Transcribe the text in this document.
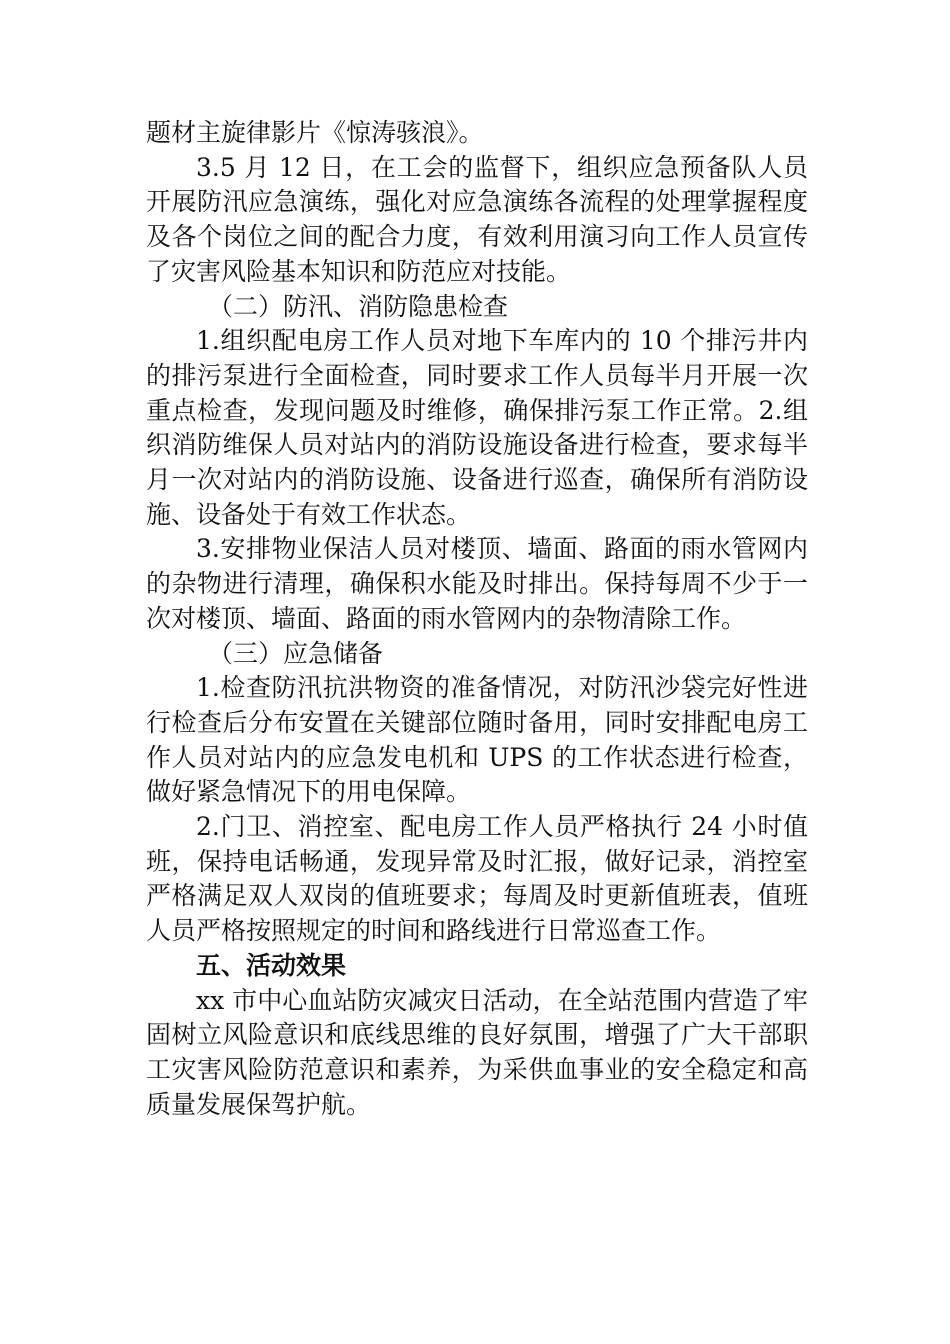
题材主旋律影片《惊涛骇浪》。

3.5 月 12 日，在工会的监督下，组织应急预备队人员开展防汛应急演练，强化对应急演练各流程的处理掌握程度及各个岗位之间的配合力度，有效利用演习向工作人员宣传了灾害风险基本知识和防范应对技能。

（二）防汛、消防隐患检查

1.组织配电房工作人员对地下车库内的 10 个排污井内的排污泵进行全面检查，同时要求工作人员每半月开展一次重点检查，发现问题及时维修，确保排污泵工作正常。2.组织消防维保人员对站内的消防设施设备进行检查，要求每半月一次对站内的消防设施、设备进行巡查，确保所有消防设施、设备处于有效工作状态。

3.安排物业保洁人员对楼顶、墙面、路面的雨水管网内的杂物进行清理，确保积水能及时排出。保持每周不少于一次对楼顶、墙面、路面的雨水管网内的杂物清除工作。

（三）应急储备

1.检查防汛抗洪物资的准备情况，对防汛沙袋完好性进行检查后分布安置在关键部位随时备用，同时安排配电房工作人员对站内的应急发电机和 UPS 的工作状态进行检查，做好紧急情况下的用电保障。

2.门卫、消控室、配电房工作人员严格执行 24 小时值班，保持电话畅通，发现异常及时汇报，做好记录，消控室严格满足双人双岗的值班要求；每周及时更新值班表，值班人员严格按照规定的时间和路线进行日常巡查工作。

五、活动效果

xx 市中心血站防灾减灾日活动，在全站范围内营造了牢固树立风险意识和底线思维的良好氛围，增强了广大干部职工灾害风险防范意识和素养，为采供血事业的安全稳定和高质量发展保驾护航。
